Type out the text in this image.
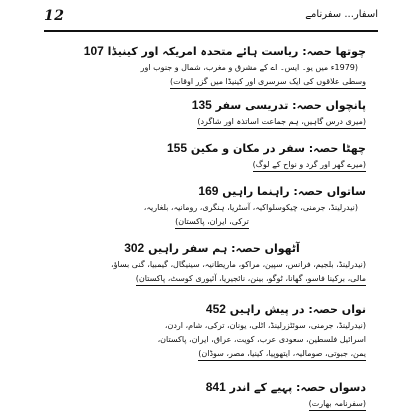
12	اسفار... سفرنامے
چوتھا حصہ: ریاست ہائے متحدہ امریکہ اور کینیڈا 107
(1979ء میں یو۔ ایس۔ اے کے مشرق و مغرب، شمال و جنوب اور
وسطی علاقوں کی ایک سرسری اور کینیڈا میں گزر اوقات)
پانچواں حصہ: تدریسی سفر 135
(میری درس گاہیں، ہم جماعت اساتذہ اور شاگرد)
چھٹا حصہ: سفر در مکان و مکین 155
(میرے گھر اور گرد و نواح کے لوگ)
ساتواں حصہ: راہنما راہیں 169
(نیدرلینڈ، جرمنی، چیکوسلواکیہ، آسٹریا، ہنگری، رومانیہ، بلغاریہ،
ترکی، ایران، پاکستان)
آٹھواں حصہ: ہم سفر راہیں 302
(نیدرلینڈ، بلجیم، فرانس، سپین، مراکو، ماریطانیہ، سینیگال، گیمبیا، گنی بساؤ،
مالی، برکینا فاسو، گھانا، ٹوگو، بینن، نائجیریا، آئیوری کوسٹ، پاکستان)
نواں حصہ: در پیش راہیں 452
(نیدرلینڈ، جرمنی، سوئٹزرلینڈ، اٹلی، یونان، ترکی، شام، اردن،
اسرائیل فلسطین، سعودی عرب، کویت، عراق، ایران، پاکستان،
یمن، جبوتی، صومالیہ، ایتھوپیا، کینیا، مصر، سوڈان)
دسواں حصہ: پہیے کے اندر 841
(سفرنامہ بھارت)
